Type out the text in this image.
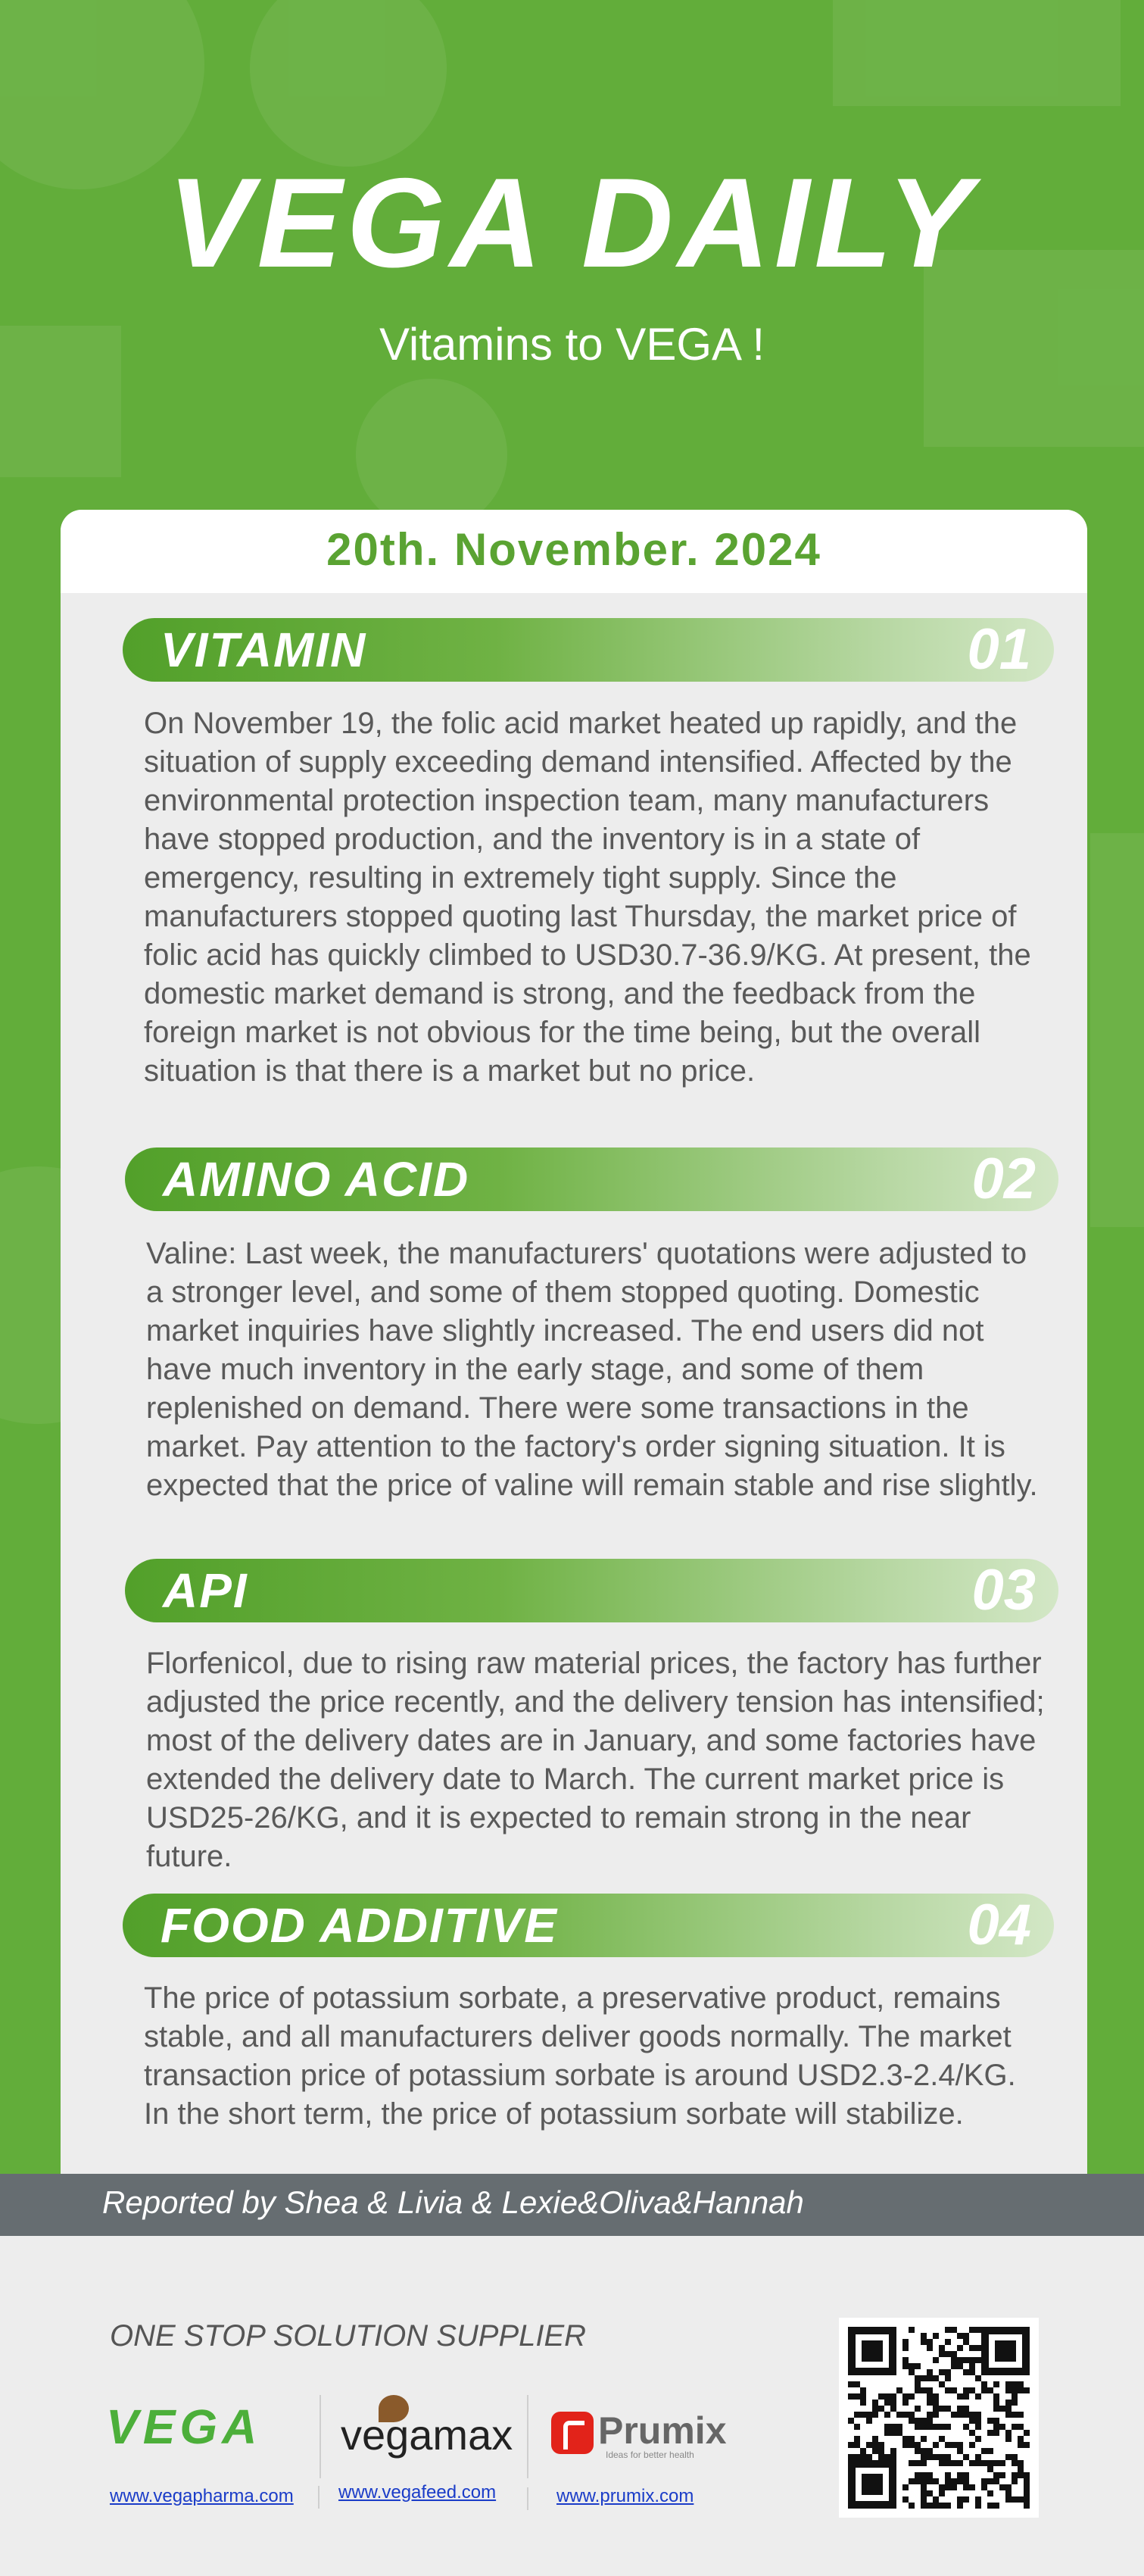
VEGA DAILY
Vitamins to VEGA !
20th. November. 2024
VITAMIN	01
On November 19, the folic acid market heated up rapidly, and the situation of supply exceeding demand intensified. Affected by the environmental protection inspection team, many manufacturers have stopped production, and the inventory is in a state of emergency, resulting in extremely tight supply. Since the manufacturers stopped quoting last Thursday, the market price of folic acid has quickly climbed to USD30.7-36.9/KG. At present, the domestic market demand is strong, and the feedback from the foreign market is not obvious for the time being, but the overall situation is that there is a market but no price.
AMINO ACID	02
Valine: Last week, the manufacturers' quotations were adjusted to a stronger level, and some of them stopped quoting. Domestic market inquiries have slightly increased. The end users did not have much inventory in the early stage, and some of them replenished on demand. There were some transactions in the market. Pay attention to the factory's order signing situation. It is expected that the price of valine will remain stable and rise slightly.
API	03
Florfenicol, due to rising raw material prices, the factory has further adjusted the price recently, and the delivery tension has intensified; most of the delivery dates are in January, and some factories have extended the delivery date to March. The current market price is USD25-26/KG, and it is expected to remain strong in the near future.
FOOD ADDITIVE	04
The price of potassium sorbate, a preservative product, remains stable, and all manufacturers deliver goods normally. The market transaction price of potassium sorbate is around USD2.3-2.4/KG. In the short term, the price of potassium sorbate will stabilize.
Reported by Shea & Livia & Lexie&Oliva&Hannah
ONE STOP SOLUTION SUPPLIER
VEGA vegamax Prumix
Ideas for better health
www.vegapharma.com www.vegafeed.com	www.prumix.com
